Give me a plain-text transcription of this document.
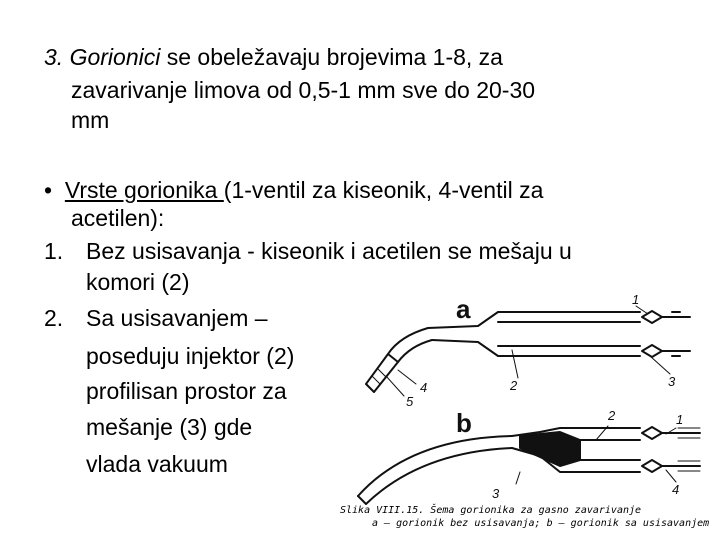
3. Gorionici se obeležavaju brojevima 1-8, za
zavarivanje limova od 0,5-1 mm sve do 20-30
mm
• Vrste gorionika (1-ventil za kiseonik, 4-ventil za
acetilen):
1. Bez usisavanja - kiseonik i acetilen se mešaju u
komori (2)
2. Sa usisavanjem –
poseduju injektor (2)
profilisan prostor za
mešanje (3) gde
vlada vakuum
a
b
1
2	3
4
5
1
2
3	4
Slika VIII.15. Šema gorionika za gasno zavarivanje
a – gorionik bez usisavanja; b – gorionik sa usisavanjem
